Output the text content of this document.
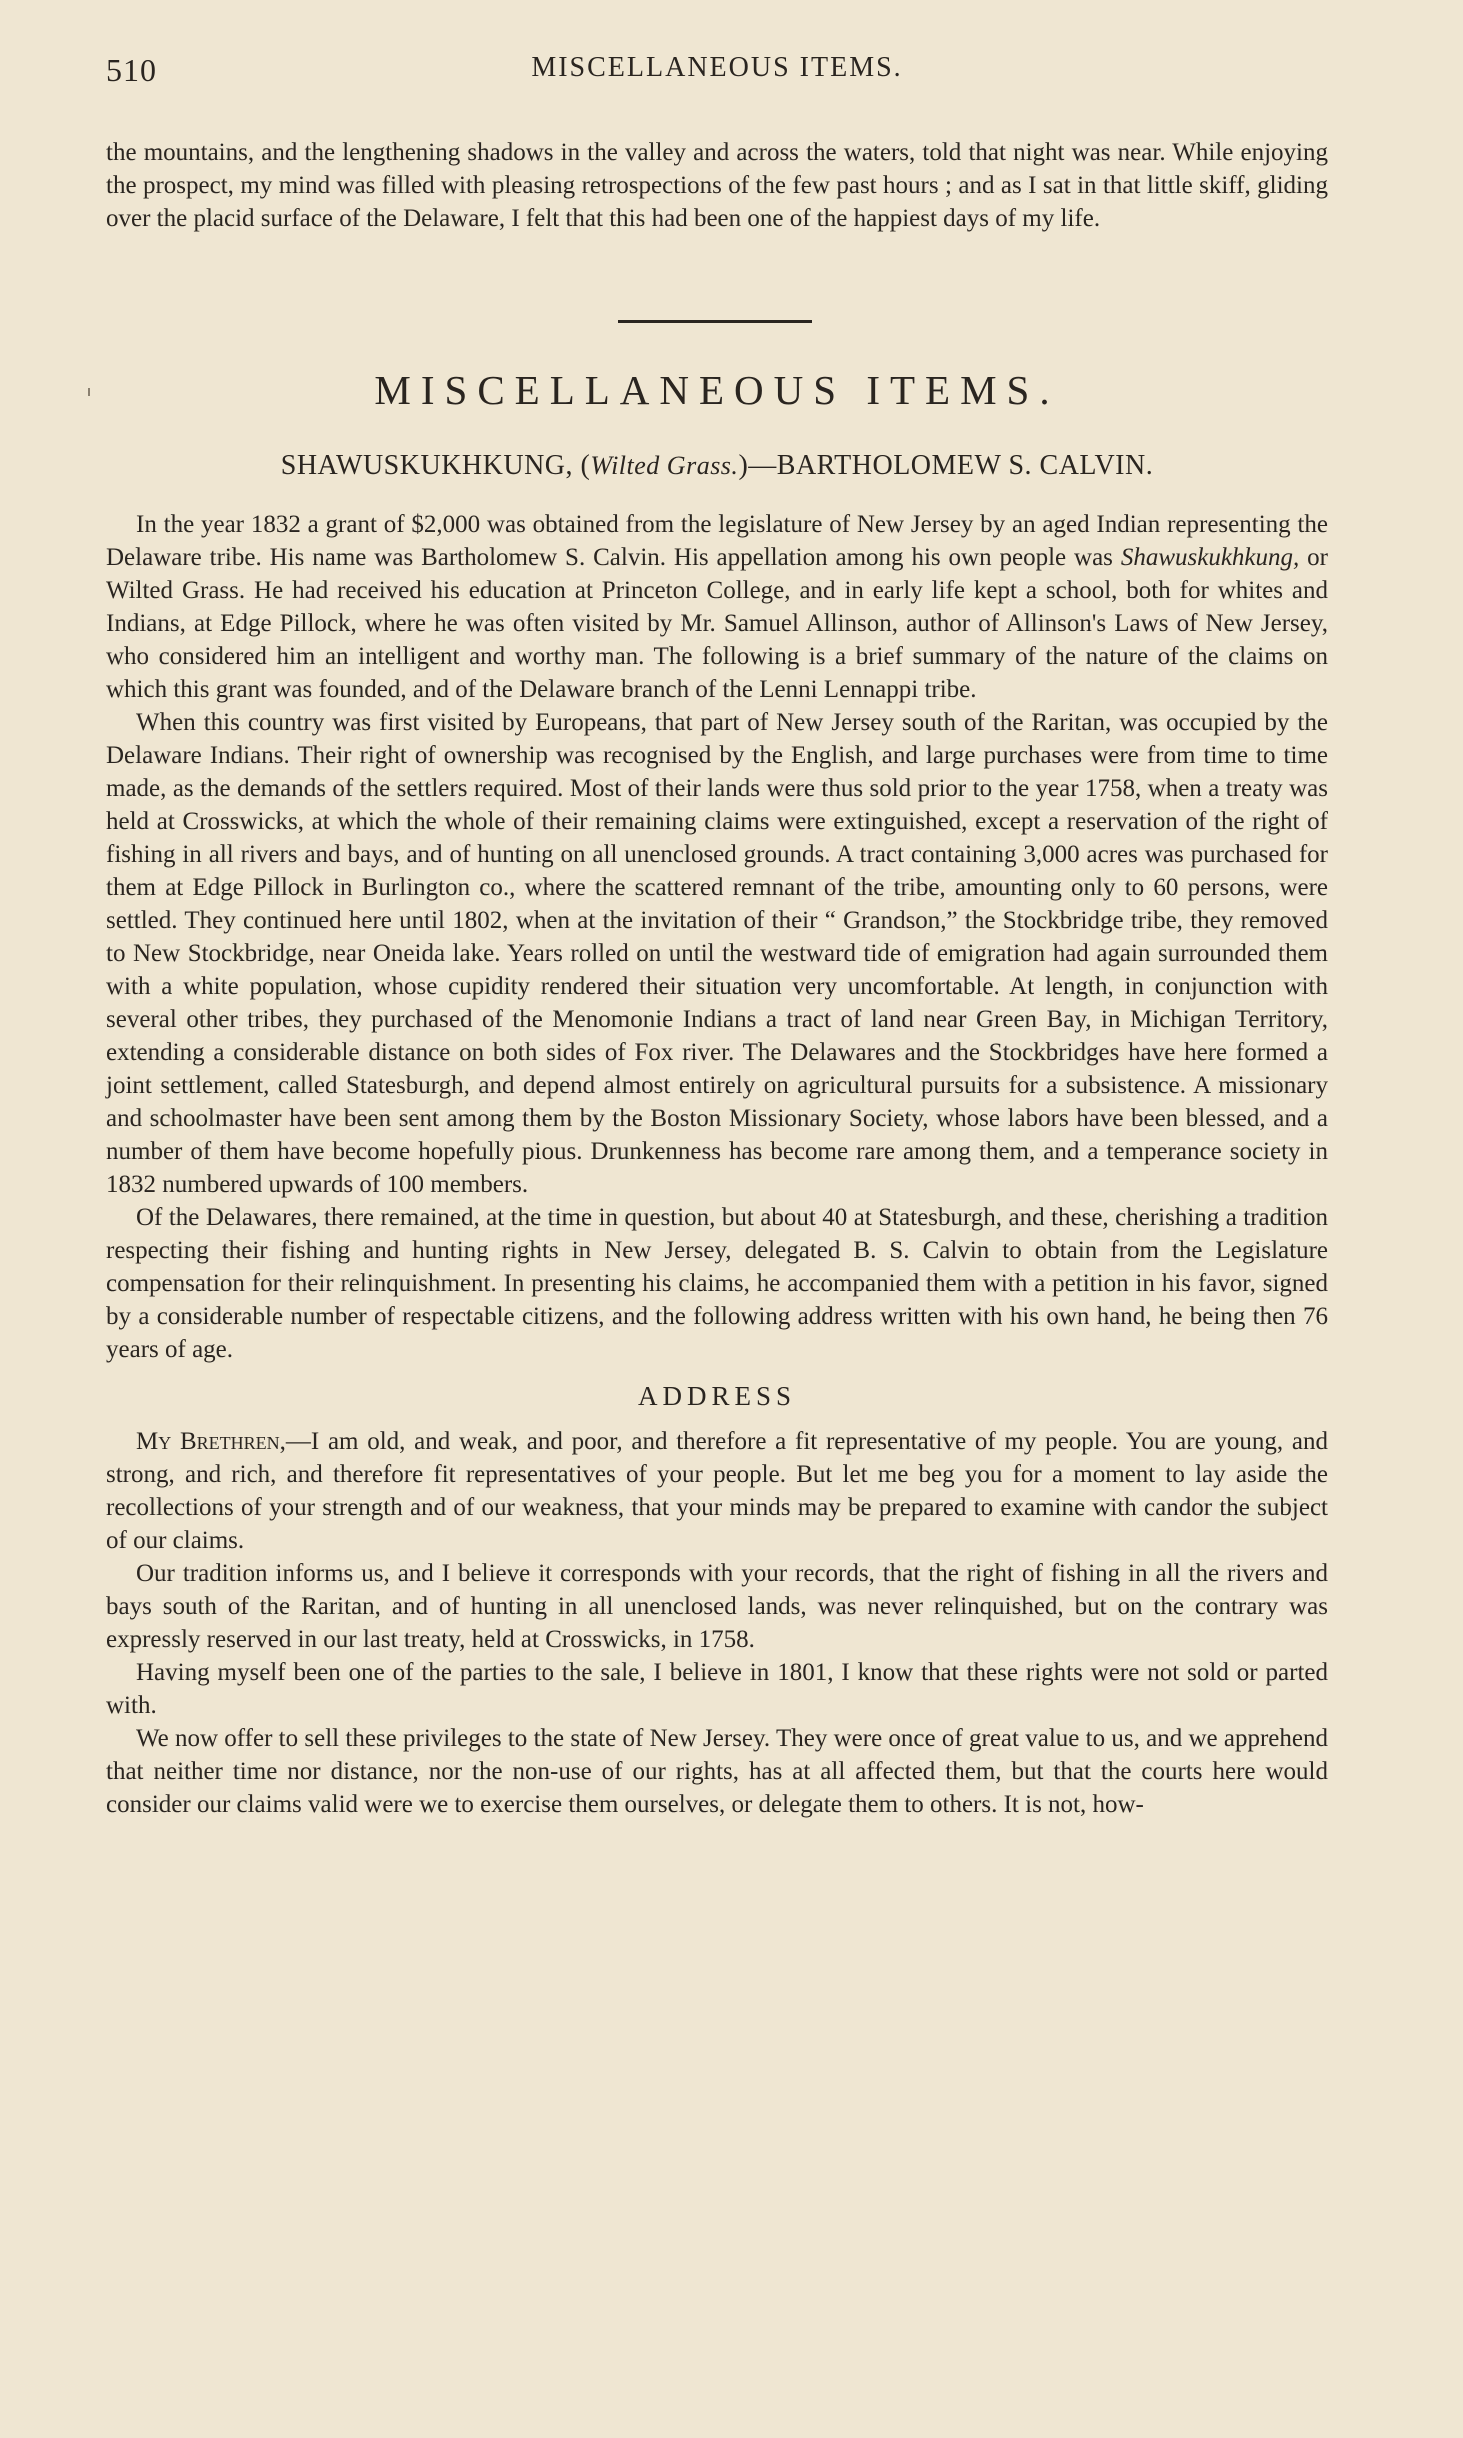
510	MISCELLANEOUS ITEMS.

the mountains, and the lengthening shadows in the valley and across the waters, told that night was near. While enjoying the prospect, my mind was filled with pleasing retrospections of the few past hours ; and as I sat in that little skiff, gliding over the placid surface of the Delaware, I felt that this had been one of the happiest days of my life.

MISCELLANEOUS ITEMS.
SHAWUSKUKHKUNG, (Wilted Grass.)—BARTHOLOMEW S. CALVIN.

In the year 1832 a grant of $2,000 was obtained from the legislature of New Jersey by an aged Indian representing the Delaware tribe. His name was Bartholomew S. Calvin. His appellation among his own people was Shawuskukhkung, or Wilted Grass. He had received his education at Princeton College, and in early life kept a school, both for whites and Indians, at Edge Pillock, where he was often visited by Mr. Samuel Allinson, author of Allinson's Laws of New Jersey, who considered him an intelligent and worthy man. The following is a brief summary of the nature of the claims on which this grant was founded, and of the Delaware branch of the Lenni Lennappi tribe.

When this country was first visited by Europeans, that part of New Jersey south of the Raritan, was occupied by the Delaware Indians. Their right of ownership was recognised by the English, and large purchases were from time to time made, as the demands of the settlers required. Most of their lands were thus sold prior to the year 1758, when a treaty was held at Crosswicks, at which the whole of their remaining claims were extinguished, except a reservation of the right of fishing in all rivers and bays, and of hunting on all unenclosed grounds. A tract containing 3,000 acres was purchased for them at Edge Pillock in Burlington co., where the scattered remnant of the tribe, amounting only to 60 persons, were settled. They continued here until 1802, when at the invitation of their “ Grandson,” the Stockbridge tribe, they removed to New Stockbridge, near Oneida lake. Years rolled on until the westward tide of emigration had again surrounded them with a white population, whose cupidity rendered their situation very uncomfortable. At length, in conjunction with several other tribes, they purchased of the Menomonie Indians a tract of land near Green Bay, in Michigan Territory, extending a considerable distance on both sides of Fox river. The Delawares and the Stockbridges have here formed a joint settlement, called Statesburgh, and depend almost entirely on agricultural pursuits for a subsistence. A missionary and schoolmaster have been sent among them by the Boston Missionary Society, whose labors have been blessed, and a number of them have become hopefully pious. Drunkenness has become rare among them, and a temperance society in 1832 numbered upwards of 100 members.

Of the Delawares, there remained, at the time in question, but about 40 at Statesburgh, and these, cherishing a tradition respecting their fishing and hunting rights in New Jersey, delegated B. S. Calvin to obtain from the Legislature compensation for their relinquishment. In presenting his claims, he accompanied them with a petition in his favor, signed by a considerable number of respectable citizens, and the following address written with his own hand, he being then 76 years of age.

ADDRESS

My Brethren,—I am old, and weak, and poor, and therefore a fit representative of my people. You are young, and strong, and rich, and therefore fit representatives of your people. But let me beg you for a moment to lay aside the recollections of your strength and of our weakness, that your minds may be prepared to examine with candor the subject of our claims.

Our tradition informs us, and I believe it corresponds with your records, that the right of fishing in all the rivers and bays south of the Raritan, and of hunting in all unenclosed lands, was never relinquished, but on the contrary was expressly reserved in our last treaty, held at Crosswicks, in 1758.

Having myself been one of the parties to the sale, I believe in 1801, I know that these rights were not sold or parted with.

We now offer to sell these privileges to the state of New Jersey. They were once of great value to us, and we apprehend that neither time nor distance, nor the non-use of our rights, has at all affected them, but that the courts here would consider our claims valid were we to exercise them ourselves, or delegate them to others. It is not, how-
